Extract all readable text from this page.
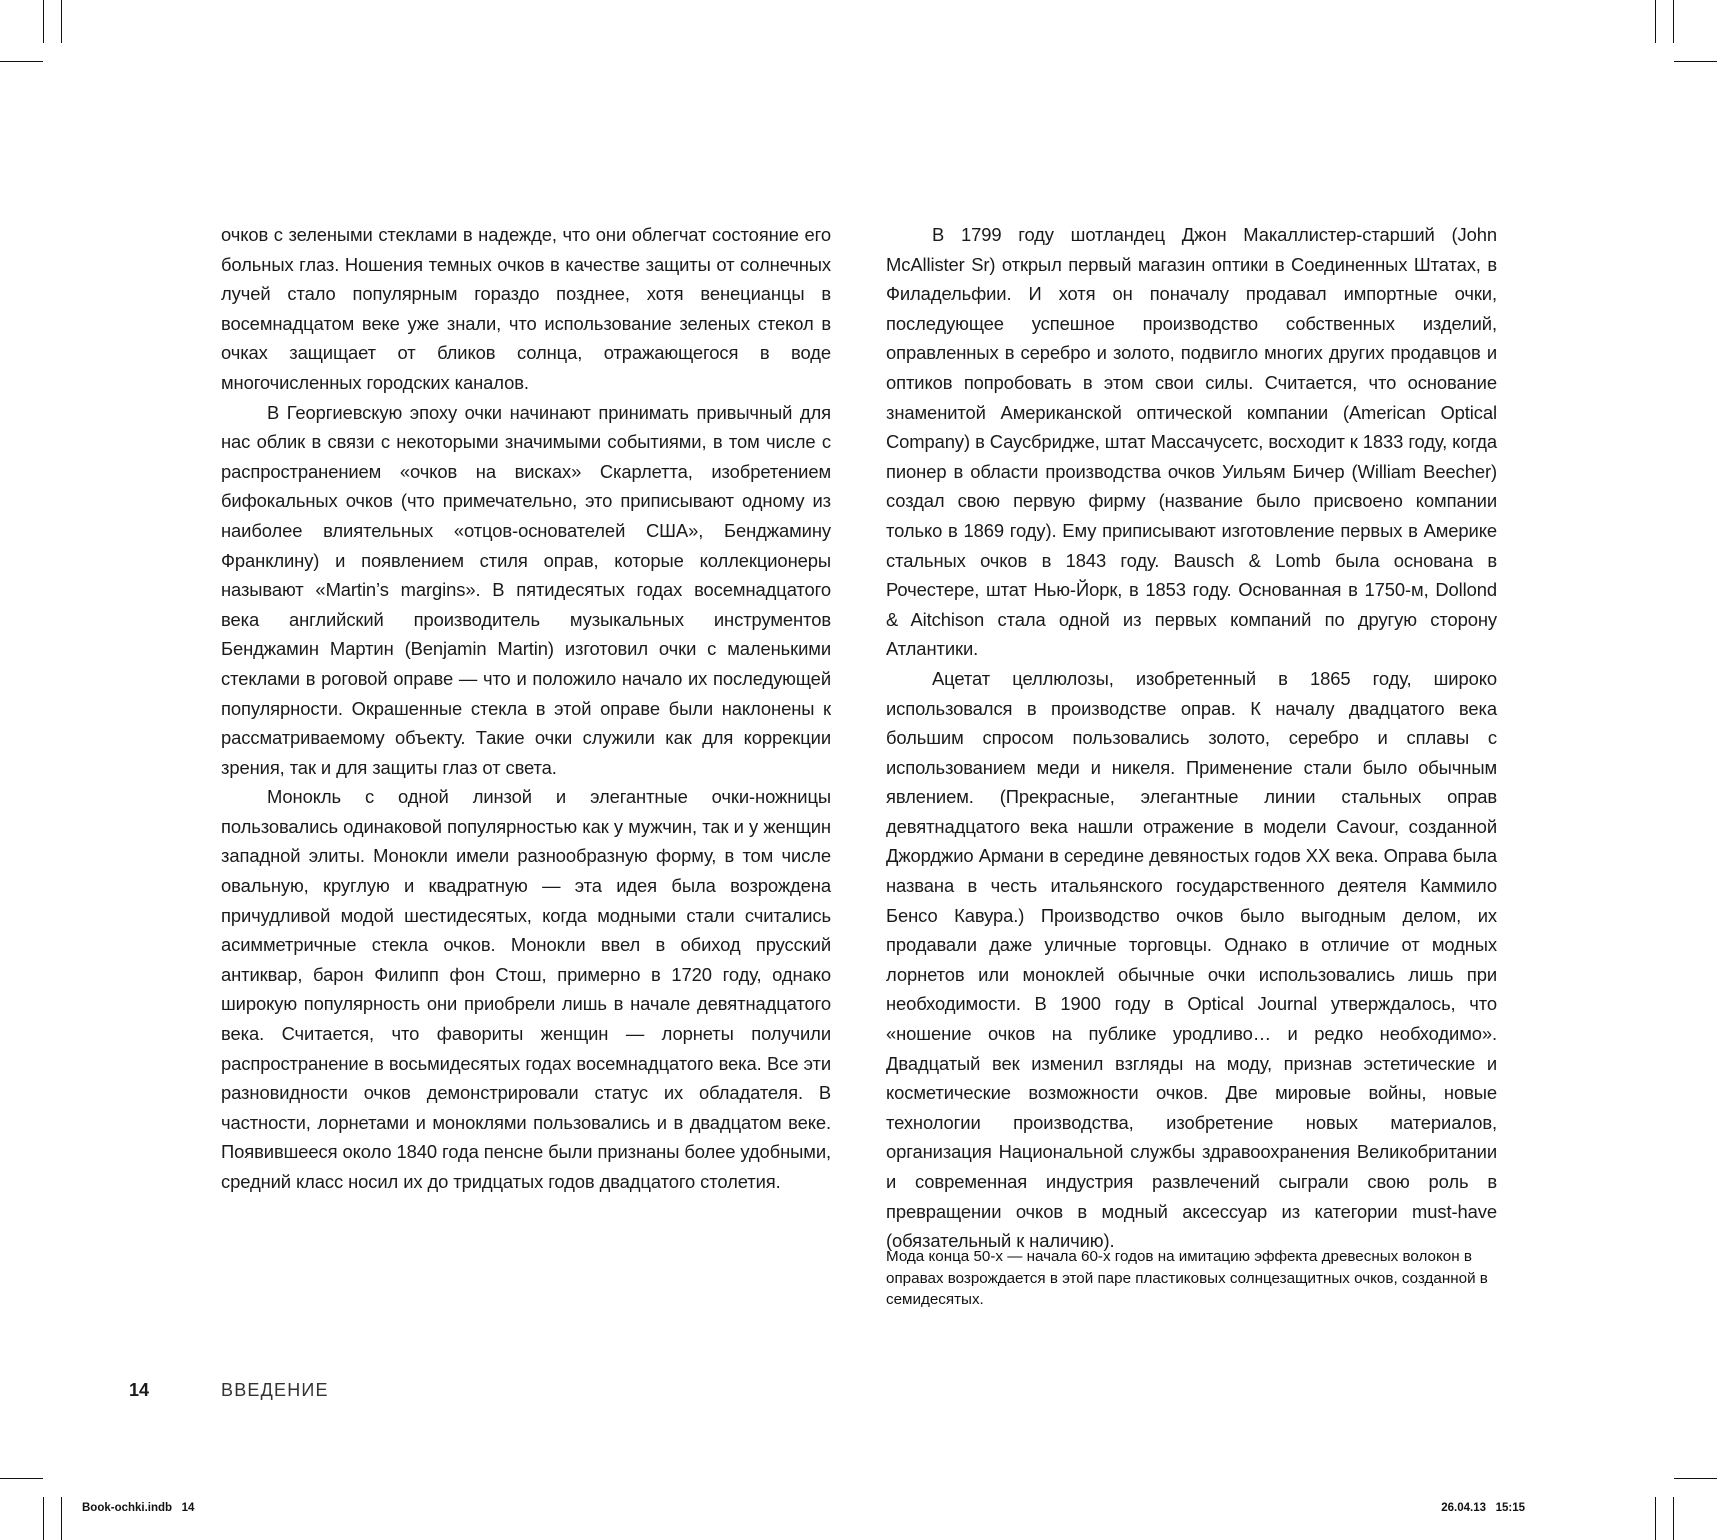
очков с зелеными стеклами в надежде, что они облегчат состояние его больных глаз. Ношения темных очков в качестве защиты от солнечных лучей стало популярным гораздо позднее, хотя венецианцы в восемнадцатом веке уже знали, что использование зеленых стекол в очках защищает от бликов солнца, отражающегося в воде многочисленных городских каналов.

В Георгиевскую эпоху очки начинают принимать привычный для нас облик в связи с некоторыми значимыми событиями, в том числе с распространением «очков на висках» Скарлетта, изобретением бифокальных очков (что примечательно, это приписывают одному из наиболее влиятельных «отцов-основателей США», Бенджамину Франклину) и появлением стиля оправ, которые коллекционеры называют «Martin’s margins». В пятидесятых годах восемнадцатого века английский производитель музыкальных инструментов Бенджамин Мартин (Benjamin Martin) изготовил очки с маленькими стеклами в роговой оправе — что и положило начало их последующей популярности. Окрашенные стекла в этой оправе были наклонены к рассматриваемому объекту. Такие очки служили как для коррекции зрения, так и для защиты глаз от света.

Монокль с одной линзой и элегантные очки-ножницы пользовались одинаковой популярностью как у мужчин, так и у женщин западной элиты. Монокли имели разнообразную форму, в том числе овальную, круглую и квадратную — эта идея была возрождена причудливой модой шестидесятых, когда модными стали считались асимметричные стекла очков. Монокли ввел в обиход прусский антиквар, барон Филипп фон Стош, примерно в 1720 году, однако широкую популярность они приобрели лишь в начале девятнадцатого века. Считается, что фавориты женщин — лорнеты получили распространение в восьмидесятых годах восемнадцатого века. Все эти разновидности очков демонстрировали статус их обладателя. В частности, лорнетами и моноклями пользовались и в двадцатом веке. Появившееся около 1840 года пенсне были признаны более удобными, средний класс носил их до тридцатых годов двадцатого столетия.

В 1799 году шотландец Джон Макаллистер-старший (John McAllister Sr) открыл первый магазин оптики в Соединенных Штатах, в Филадельфии. И хотя он поначалу продавал импортные очки, последующее успешное производство собственных изделий, оправленных в серебро и золото, подвигло многих других продавцов и оптиков попробовать в этом свои силы. Считается, что основание знаменитой Американской оптической компании (American Optical Company) в Саусбридже, штат Массачусетс, восходит к 1833 году, когда пионер в области производства очков Уильям Бичер (William Beecher) создал свою первую фирму (название было присвоено компании только в 1869 году). Ему приписывают изготовление первых в Америке стальных очков в 1843 году. Bausch & Lomb была основана в Рочестере, штат Нью-Йорк, в 1853 году. Основанная в 1750-м, Dollond & Aitchison стала одной из первых компаний по другую сторону Атлантики.

Ацетат целлюлозы, изобретенный в 1865 году, широко использовался в производстве оправ. К началу двадцатого века большим спросом пользовались золото, серебро и сплавы с использованием меди и никеля. Применение стали было обычным явлением. (Прекрасные, элегантные линии стальных оправ девятнадцатого века нашли отражение в модели Cavour, созданной Джорджио Армани в середине девяностых годов XX века. Оправа была названа в честь итальянского государственного деятеля Каммило Бенсо Кавура.) Производство очков было выгодным делом, их продавали даже уличные торговцы. Однако в отличие от модных лорнетов или моноклей обычные очки использовались лишь при необходимости. В 1900 году в Optical Journal утверждалось, что «ношение очков на публике уродливо… и редко необходимо». Двадцатый век изменил взгляды на моду, признав эстетические и косметические возможности очков. Две мировые войны, новые технологии производства, изобретение новых материалов, организация Национальной службы здравоохранения Великобритании и современная индустрия развлечений сыграли свою роль в превращении очков в модный аксессуар из категории must-have (обязательный к наличию).

Мода конца 50-х — начала 60-х годов на имитацию эффекта древесных волокон в оправах возрождается в этой паре пластиковых солнцезащитных очков, созданной в семидесятых.
14	ВВЕДЕНИЕ
Book-ochki.indb   14	26.04.13   15:15
